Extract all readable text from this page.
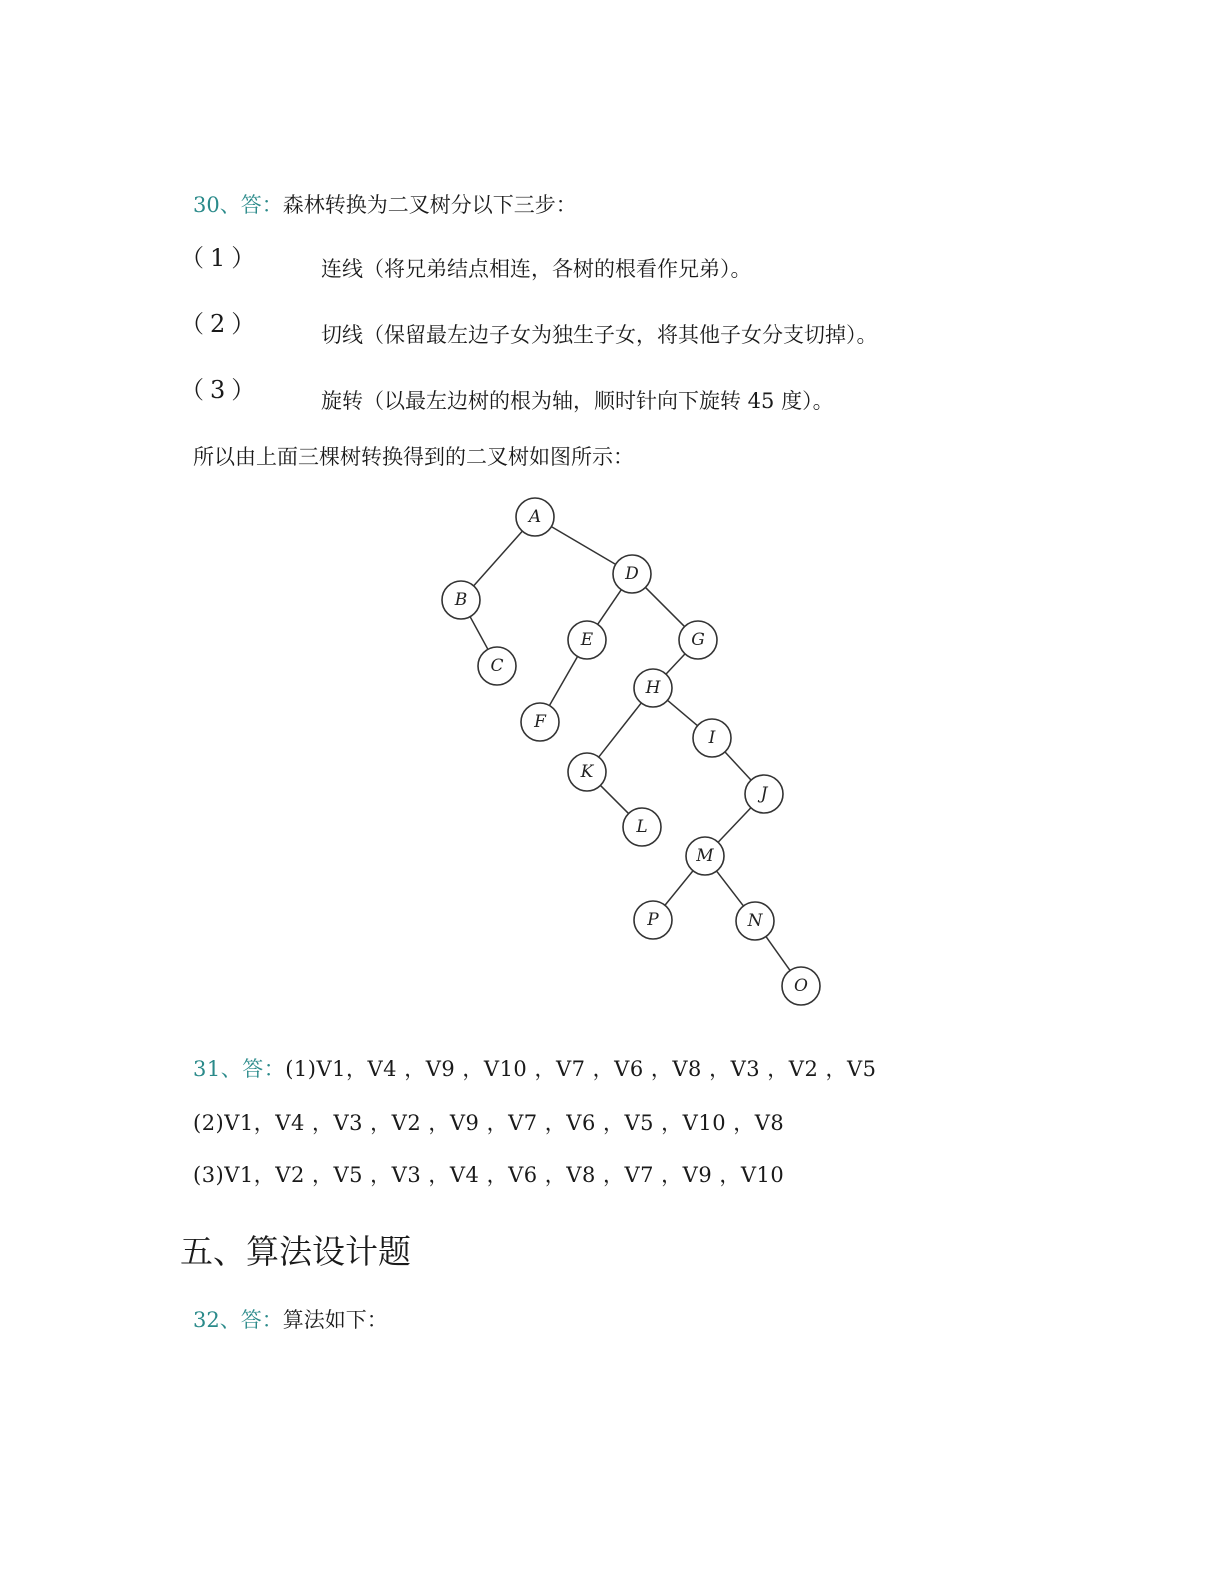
30、答：森林转换为二叉树分以下三步：
（1）	连线（将兄弟结点相连，各树的根看作兄弟）。
（2）	切线（保留最左边子女为独生子女，将其他子女分支切掉）。
（3）	旋转（以最左边树的根为轴，顺时针向下旋转 45 度）。
所以由上面三棵树转换得到的二叉树如图所示：
A
B
C
D
E
F
G
H
I
J
K
L
M
N
O
P
31、答：(1)V1，V4 ，V9 ，V10 ，V7 ，V6 ，V8 ，V3 ，V2 ，V5
(2)V1，V4 ，V3 ，V2 ，V9 ，V7 ，V6 ，V5 ，V10 ，V8
(3)V1，V2 ，V5 ，V3 ，V4 ，V6 ，V8 ，V7 ，V9 ，V10
五、算法设计题
32、答：算法如下：
